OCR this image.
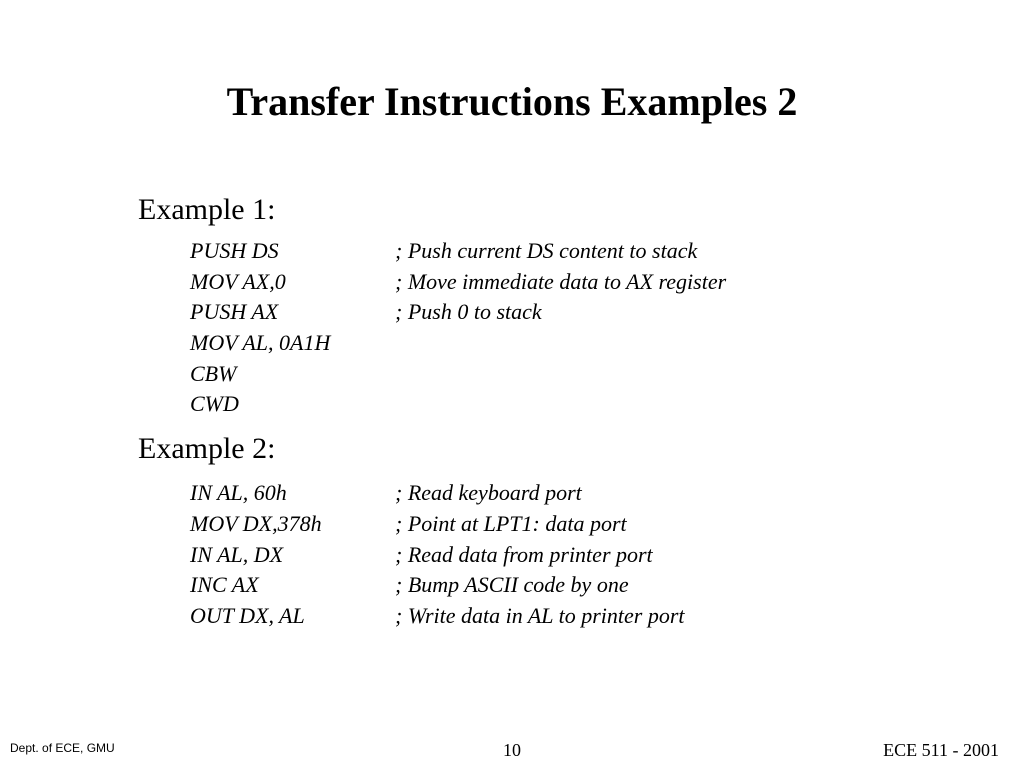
Transfer Instructions Examples 2
Example 1:
PUSH DS	; Push current DS content to stack
MOV AX,0	; Move immediate data to AX register
PUSH AX	; Push 0 to stack
MOV AL, 0A1H
CBW
CWD
Example 2:
IN AL, 60h	; Read keyboard port
MOV DX,378h	; Point at LPT1: data port
IN AL, DX	; Read data from printer port
INC AX	; Bump ASCII code by one
OUT DX, AL	; Write data in AL to printer port
Dept. of ECE, GMU	10	ECE 511 - 2001
